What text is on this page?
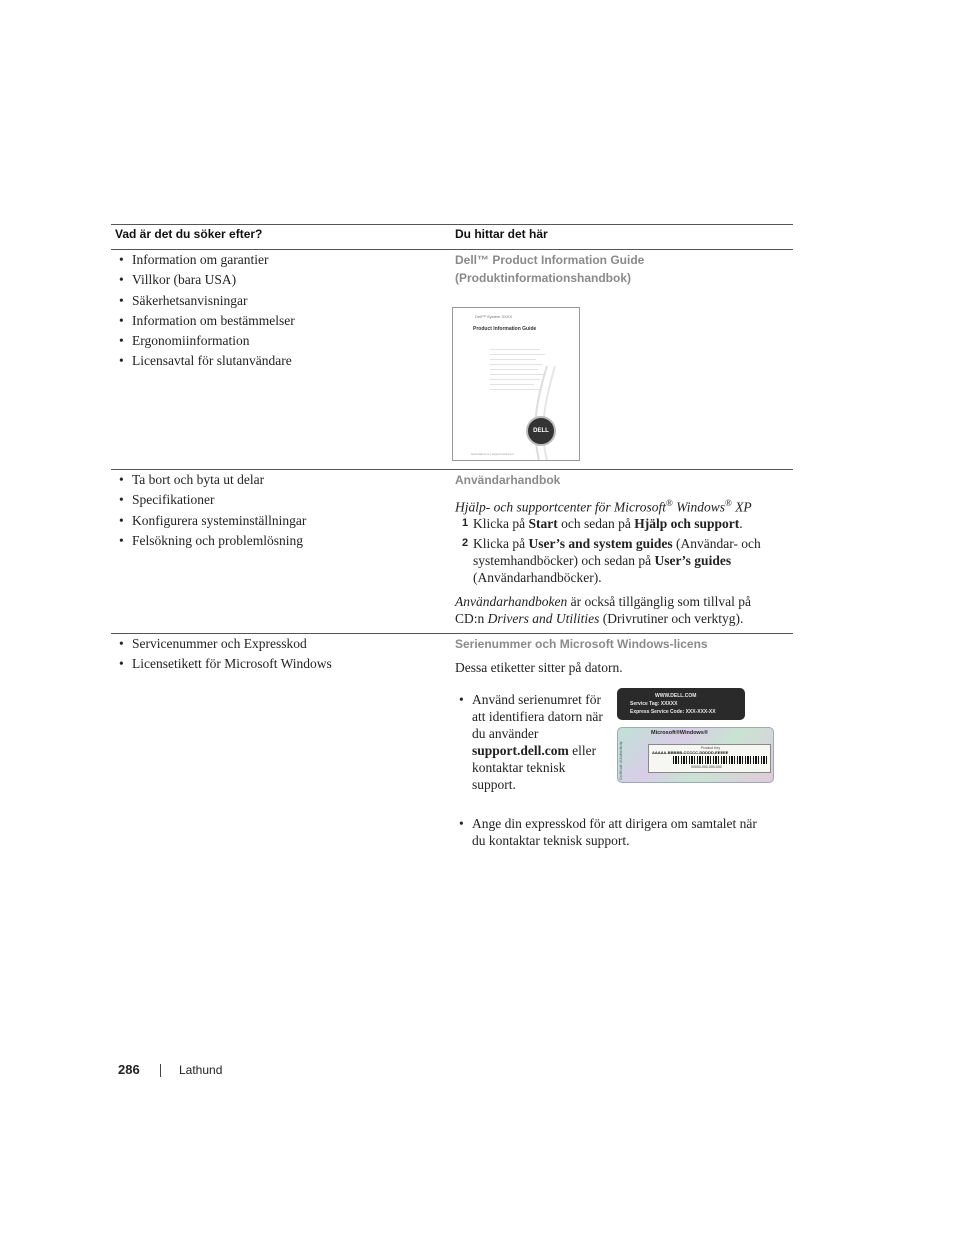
Vad är det du söker efter?	Du hittar det här
• Information om garantier
• Villkor (bara USA)
• Säkerhetsanvisningar
• Information om bestämmelser
• Ergonomiinformation
• Licensavtal för slutanvändare
Dell™ Product Information Guide
(Produktinformationshandbok)
Dell™ System XXXX
Product Information Guide
DELL
www.dell.com | support.dell.com
• Ta bort och byta ut delar
• Specifikationer
• Konfigurera systeminställningar
• Felsökning och problemlösning
Användarhandbok
Hjälp- och supportcenter för Microsoft® Windows® XP
1 Klicka på Start och sedan på Hjälp och support.
2 Klicka på User’s and system guides (Användar- och systemhandböcker) och sedan på User’s guides (Användarhandböcker).
Användarhandboken är också tillgänglig som tillval på CD:n Drivers and Utilities (Drivrutiner och verktyg).
• Servicenummer och Expresskod
• Licensetikett för Microsoft Windows
Serienummer och Microsoft Windows-licens
Dessa etiketter sitter på datorn.
• Använd serienumret för att identifiera datorn när du använder support.dell.com eller kontaktar teknisk support.
• Ange din expresskod för att dirigera om samtalet när du kontaktar teknisk support.
WWW.DELL.COM
Service Tag: XXXXX
Express Service Code: XXX-XXX-XX
Certificate of Authenticity
Microsoft®Windows®
Product Key
AAAAA-BBBBB-CCCCC-DDDDD-EEEEE
00000-000-000-000
286	Lathund
